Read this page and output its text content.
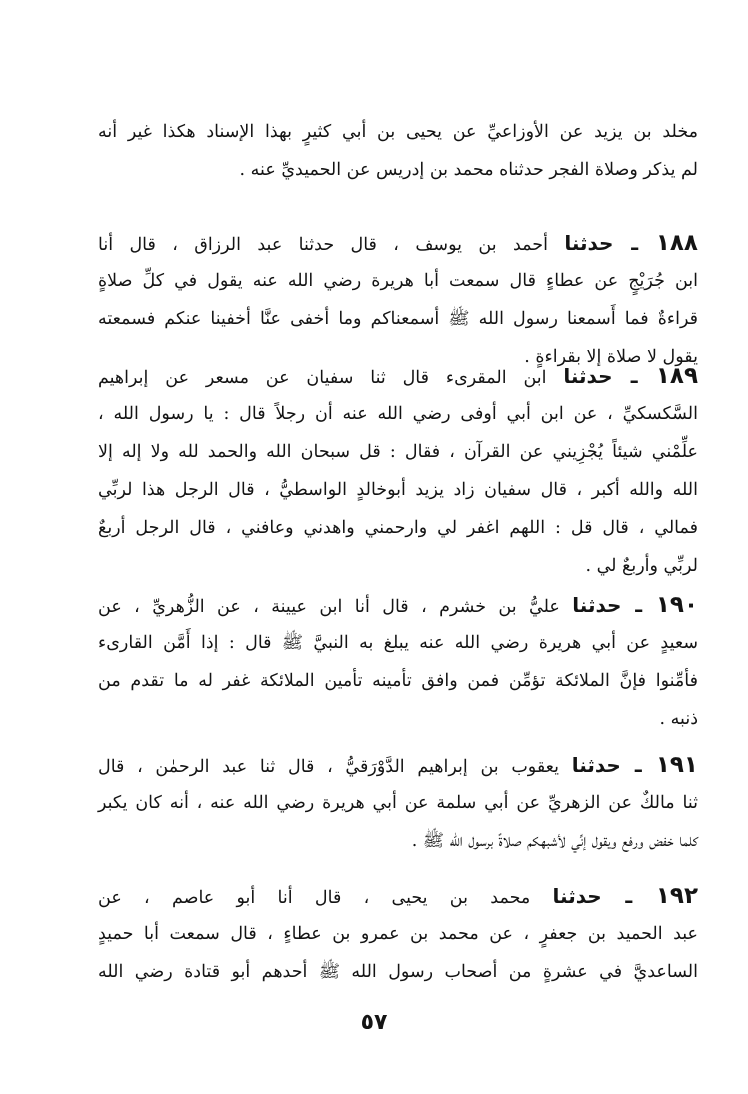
مخلد بن يزيد عن الأوزاعيِّ عن يحيى بن أبي كثيرٍ بهذا الإسناد هكذا غير أنه
لم يذكر وصلاة الفجر حدثناه محمد بن إدريس عن الحميديِّ عنه .
١٨٨ ـ حدثنا أحمد بن يوسف ، قال حدثنا عبد الرزاق ، قال أنا
ابن جُرَيْجٍ عن عطاءٍ قال سمعت أبا هريرة رضي الله عنه يقول في كلِّ صلاةٍ
قراءةٌ فما أَسمعنا رسول الله ﷺ أسمعناكم وما أخفى عنَّا أخفينا عنكم فسمعته
يقول لا صلاة إلا بقراءةٍ .
١٨٩ ـ حدثنا ابن المقرىء قال ثنا سفيان عن مسعر عن إبراهيم
السَّكسكيِّ ، عن ابن أبي أوفى رضي الله عنه أن رجلاً قال : يا رسول الله ،
علِّمْني شيئاً يُجْزِيني عن القرآن ، فقال : قل سبحان الله والحمد لله ولا إله إلا
الله والله أكبر ، قال سفيان زاد يزيد أبوخالدٍ الواسطيُّ ، قال الرجل هذا لربِّي
فمالي ، قال قل : اللهم اغفر لي وارحمني واهدني وعافني ، قال الرجل أربعٌ
لربِّي وأربعٌ لي .
١٩٠ ـ حدثنا عليُّ بن خشرم ، قال أنا ابن عيينة ، عن الزُّهريِّ ، عن
سعيدٍ عن أبي هريرة رضي الله عنه يبلغ به النبيَّ ﷺ قال : إذا أَمَّن القارىء
فأمِّنوا فإنَّ الملائكة تؤمِّن فمن وافق تأمينه تأمين الملائكة غفر له ما تقدم من
ذنبه .
١٩١ ـ حدثنا يعقوب بن إبراهيم الدَّوْرَقيُّ ، قال ثنا عبد الرحمٰن ، قال
ثنا مالكٌ عن الزهريِّ عن أبي سلمة عن أبي هريرة رضي الله عنه ، أنه كان يكبر
كلما خفض ورفع ويقول إنِّي لأشبهكم صلاةً برسول الله ﷺ .
١٩٢ ـ حدثنا محمد بن يحيى ، قال أنا أبو عاصم ، عن
عبد الحميد بن جعفرٍ ، عن محمد بن عمرو بن عطاءٍ ، قال سمعت أبا حميدٍ
الساعديَّ في عشرةٍ من أصحاب رسول الله ﷺ أحدهم أبو قتادة رضي الله
٥٧
